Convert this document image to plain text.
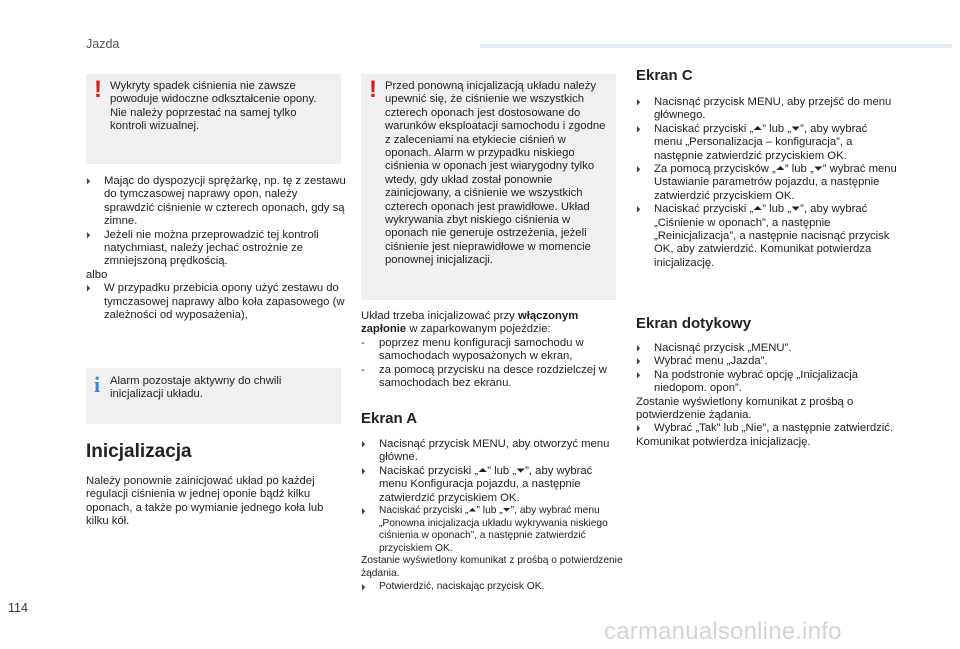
Jazda
! Wykryty spadek ciśnienia nie zawsze powoduje widoczne odkształcenie opony. Nie należy poprzestać na samej tylko kontroli wizualnej.
⏵ Mając do dyspozycji sprężarkę, np. tę z zestawu do tymczasowej naprawy opon, należy sprawdzić ciśnienie w czterech oponach, gdy są zimne.
⏵ Jeżeli nie można przeprowadzić tej kontroli natychmiast, należy jechać ostrożnie ze zmniejszoną prędkością.
albo
⏵ W przypadku przebicia opony użyć zestawu do tymczasowej naprawy albo koła zapasowego (w zależności od wyposażenia),
i Alarm pozostaje aktywny do chwili inicjalizacji układu.
Inicjalizacja
Należy ponownie zainicjować układ po każdej regulacji ciśnienia w jednej oponie bądź kilku oponach, a także po wymianie jednego koła lub kilku kół.
! Przed ponowną inicjalizacją układu należy upewnić się, że ciśnienie we wszystkich czterech oponach jest dostosowane do warunków eksploatacji samochodu i zgodne z zaleceniami na etykiecie ciśnień w oponach. Alarm w przypadku niskiego ciśnienia w oponach jest wiarygodny tylko wtedy, gdy układ został ponownie zainicjowany, a ciśnienie we wszystkich czterech oponach jest prawidłowe. Układ wykrywania zbyt niskiego ciśnienia w oponach nie generuje ostrzeżenia, jeżeli ciśnienie jest nieprawidłowe w momencie ponownej inicjalizacji.
Układ trzeba inicjalizować przy włączonym zapłonie w zaparkowanym pojeździe:
- poprzez menu konfiguracji samochodu w samochodach wyposażonych w ekran,
- za pomocą przycisku na desce rozdzielczej w samochodach bez ekranu.
Ekran A
⏵ Nacisnąć przycisk MENU, aby otworzyć menu główne.
⏵ Naciskać przyciski „⏶” lub „⏷”, aby wybrać menu Konfiguracja pojazdu, a następnie zatwierdzić przyciskiem OK.
⏵ Naciskać przyciski „⏶” lub „⏷”, aby wybrać menu „Ponowna inicjalizacja układu wykrywania niskiego ciśnienia w oponach”, a następnie zatwierdzić przyciskiem OK.
Zostanie wyświetlony komunikat z prośbą o potwierdzenie żądania.
⏵ Potwierdzić, naciskając przycisk OK.
Ekran C
⏵ Nacisnąć przycisk MENU, aby przejść do menu głównego.
⏵ Naciskać przyciski „⏶” lub „⏷”, aby wybrać menu „Personalizacja – konfiguracja”, a następnie zatwierdzić przyciskiem OK.
⏵ Za pomocą przycisków „⏶” lub „⏷” wybrać menu Ustawianie parametrów pojazdu, a następnie zatwierdzić przyciskiem OK.
⏵ Naciskać przyciski „⏶” lub „⏷”, aby wybrać „Ciśnienie w oponach”, a następnie „Reinicjalizacja”, a następnie nacisnąć przycisk OK, aby zatwierdzić. Komunikat potwierdza inicjalizację.
Ekran dotykowy
⏵ Nacisnąć przycisk „MENU”.
⏵ Wybrać menu „Jazda”.
⏵ Na podstronie wybrać opcję „Inicjalizacja niedopom. opon”.
Zostanie wyświetlony komunikat z prośbą o potwierdzenie żądania.
⏵ Wybrać „Tak” lub „Nie”, a następnie zatwierdzić.
Komunikat potwierdza inicjalizację.
114
carmanualsonline.info
